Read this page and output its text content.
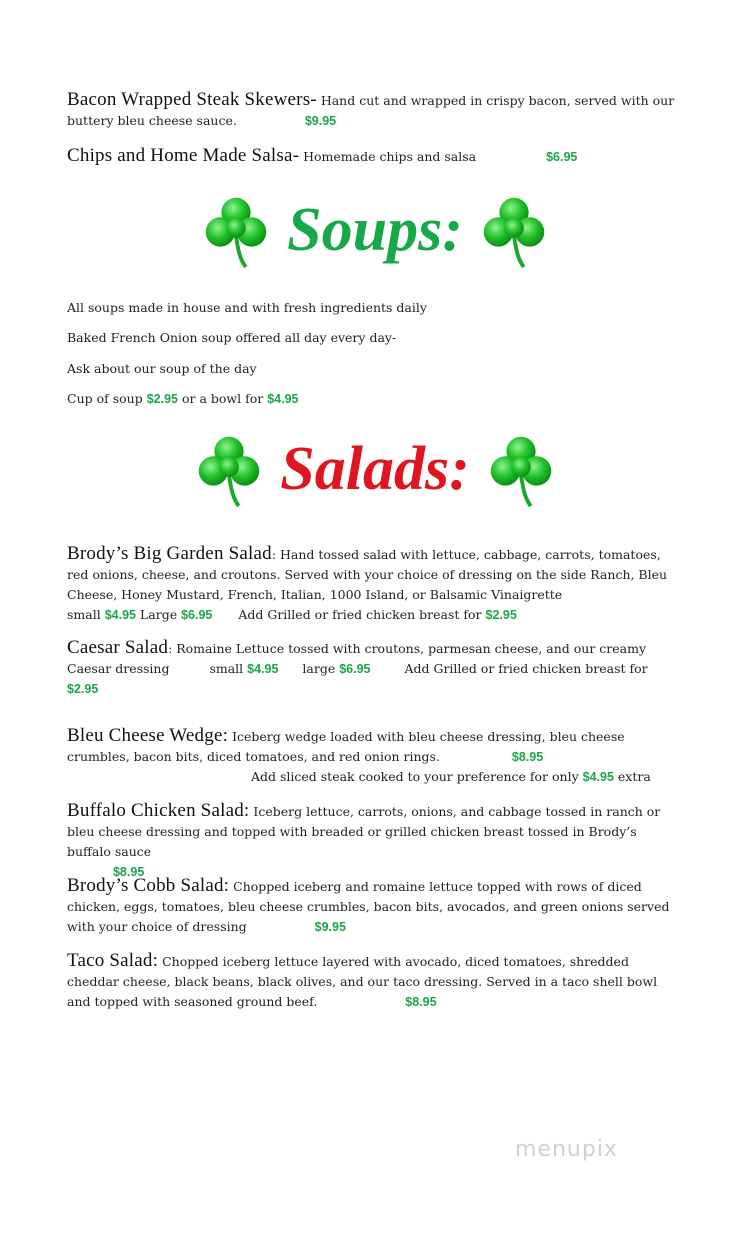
Bacon Wrapped Steak Skewers- Hand cut and wrapped in crispy bacon, served with our buttery bleu cheese sauce.	$9.95
Chips and Home Made Salsa- Homemade chips and salsa	$6.95
Soups:
All soups made in house and with fresh ingredients daily
Baked French Onion soup offered all day every day-
Ask about our soup of the day
Cup of soup $2.95 or a bowl for $4.95
Salads:
Brody’s Big Garden Salad: Hand tossed salad with lettuce, cabbage, carrots, tomatoes, red onions, cheese, and croutons. Served with your choice of dressing on the side Ranch, Bleu Cheese, Honey Mustard, French, Italian, 1000 Island, or Balsamic Vinaigrette  small $4.95 Large $6.95 Add Grilled or fried chicken breast for $2.95
Caesar Salad: Romaine Lettuce tossed with croutons, parmesan cheese, and our creamy Caesar dressing	small $4.95 large $6.95	Add Grilled or fried chicken breast for $2.95
Bleu Cheese Wedge: Iceberg wedge loaded with bleu cheese dressing, bleu cheese crumbles, bacon bits, diced tomatoes, and red onion rings.	$8.95  Add sliced steak cooked to your preference for only $4.95 extra
Buffalo Chicken Salad: Iceberg lettuce, carrots, onions, and cabbage tossed in ranch or bleu cheese dressing and topped with breaded or grilled chicken breast tossed in Brody’s buffalo sauce
$8.95
Brody’s Cobb Salad: Chopped iceberg and romaine lettuce topped with rows of diced chicken, eggs, tomatoes, bleu cheese crumbles, bacon bits, avocados, and green onions served with your choice of dressing	$9.95
Taco Salad: Chopped iceberg lettuce layered with avocado, diced tomatoes, shredded cheddar cheese, black beans, black olives, and our taco dressing. Served in a taco shell bowl and topped with seasoned ground beef.	$8.95
menupix
